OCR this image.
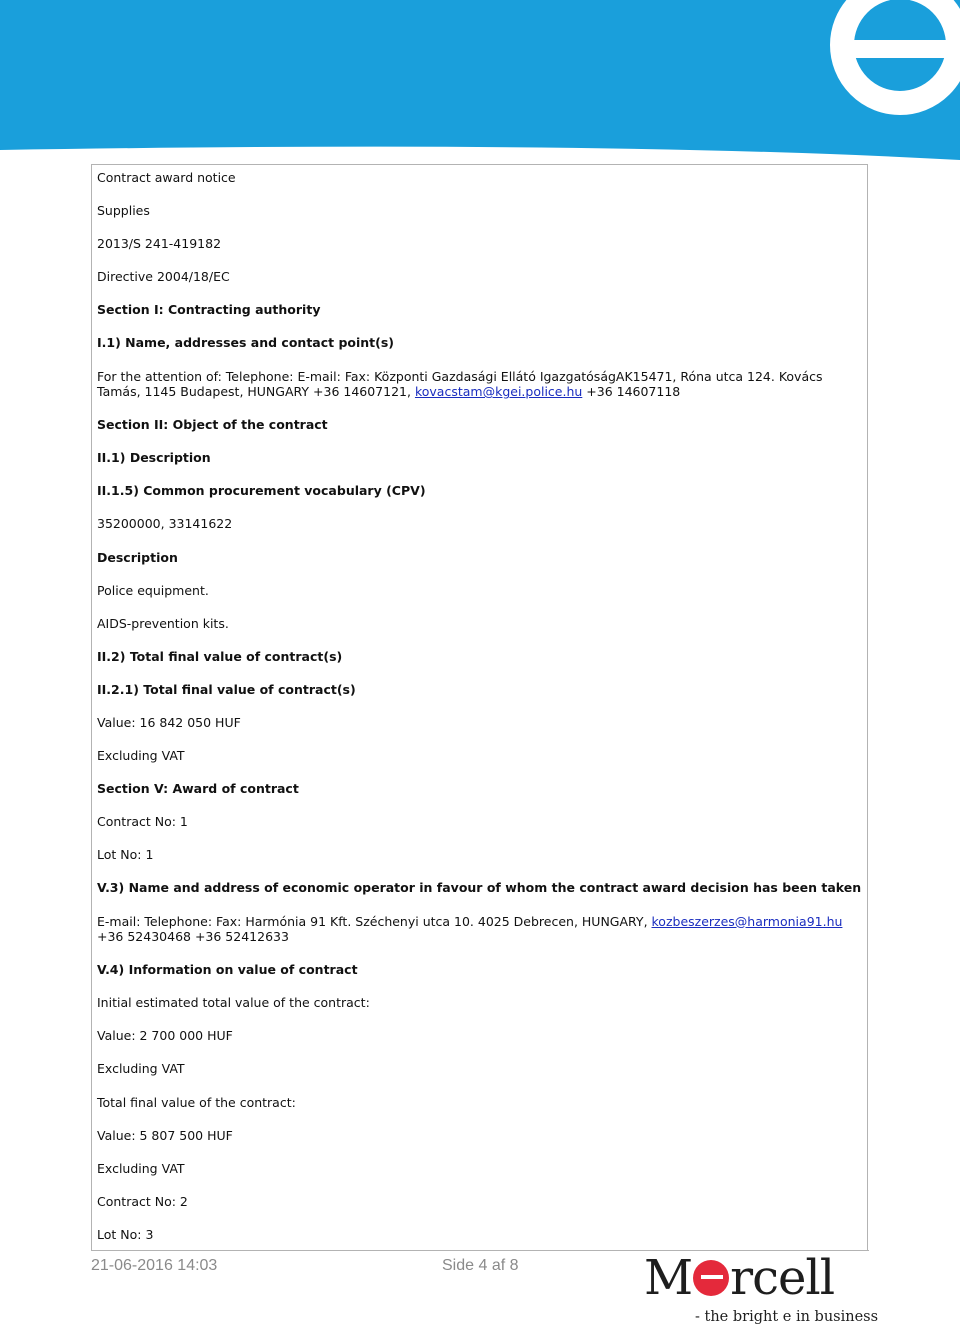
Contract award notice
Supplies
2013/S 241-419182
Directive 2004/18/EC
Section I: Contracting authority
I.1) Name, addresses and contact point(s)
For the attention of: Telephone: E-mail: Fax: Központi Gazdasági Ellátó IgazgatóságAK15471, Róna utca 124. Kovács Tamás, 1145 Budapest, HUNGARY +36 14607121, kovacstam@kgei.police.hu +36 14607118
Section II: Object of the contract
II.1) Description
II.1.5) Common procurement vocabulary (CPV)
35200000, 33141622
Description
Police equipment.
AIDS-prevention kits.
II.2) Total final value of contract(s)
II.2.1) Total final value of contract(s)
Value: 16 842 050 HUF
Excluding VAT
Section V: Award of contract
Contract No: 1
Lot No: 1
V.3) Name and address of economic operator in favour of whom the contract award decision has been taken
E-mail: Telephone: Fax: Harmónia 91 Kft. Széchenyi utca 10. 4025 Debrecen, HUNGARY, kozbeszerzes@harmonia91.hu +36 52430468 +36 52412633
V.4) Information on value of contract
Initial estimated total value of the contract:
Value: 2 700 000 HUF
Excluding VAT
Total final value of the contract:
Value: 5 807 500 HUF
Excluding VAT
Contract No: 2
Lot No: 3
21-06-2016 14:03	Side 4 af 8	M rcell
- the bright e in business
